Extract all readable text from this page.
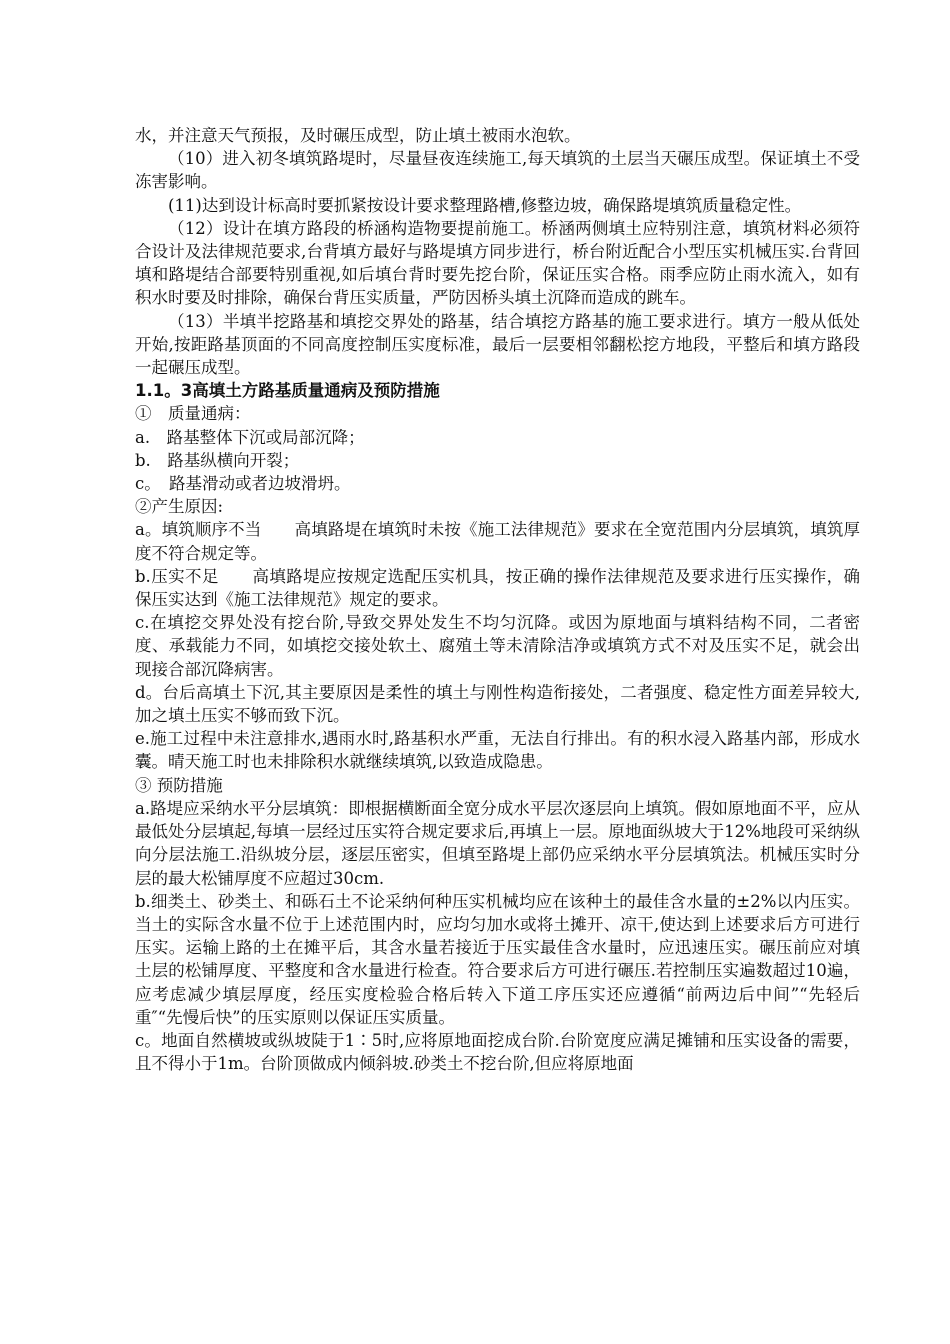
水，并注意天气预报，及时碾压成型，防止填土被雨水泡软。

（10）进入初冬填筑路堤时，尽量昼夜连续施工,每天填筑的土层当天碾压成型。保证填土不受冻害影响。

(11)达到设计标高时要抓紧按设计要求整理路槽,修整边坡，确保路堤填筑质量稳定性。

（12）设计在填方路段的桥涵构造物要提前施工。桥涵两侧填土应特别注意，填筑材料必须符合设计及法律规范要求,台背填方最好与路堤填方同步进行，桥台附近配合小型压实机械压实.台背回填和路堤结合部要特别重视,如后填台背时要先挖台阶，保证压实合格。雨季应防止雨水流入，如有积水时要及时排除，确保台背压实质量，严防因桥头填土沉降而造成的跳车。

（13）半填半挖路基和填挖交界处的路基，结合填挖方路基的施工要求进行。填方一般从低处开始,按距路基顶面的不同高度控制压实度标准，最后一层要相邻翻松挖方地段，平整后和填方路段一起碾压成型。

1.1。3高填土方路基质量通病及预防措施

①　质量通病：

a.　路基整体下沉或局部沉降；

b.　路基纵横向开裂；

c。　路基滑动或者边坡滑坍。

②产生原因:

a。填筑顺序不当　　高填路堤在填筑时未按《施工法律规范》要求在全宽范围内分层填筑，填筑厚度不符合规定等。

b.压实不足　　高填路堤应按规定选配压实机具，按正确的操作法律规范及要求进行压实操作，确保压实达到《施工法律规范》规定的要求。

c.在填挖交界处没有挖台阶,导致交界处发生不均匀沉降。或因为原地面与填料结构不同，二者密度、承载能力不同，如填挖交接处软土、腐殖土等未清除洁净或填筑方式不对及压实不足，就会出现接合部沉降病害。

d。台后高填土下沉,其主要原因是柔性的填土与刚性构造衔接处，二者强度、稳定性方面差异较大,加之填土压实不够而致下沉。

e.施工过程中未注意排水,遇雨水时,路基积水严重，无法自行排出。有的积水浸入路基内部，形成水囊。晴天施工时也未排除积水就继续填筑,以致造成隐患。

③ 预防措施

a.路堤应采纳水平分层填筑：即根据横断面全宽分成水平层次逐层向上填筑。假如原地面不平，应从最低处分层填起,每填一层经过压实符合规定要求后,再填上一层。原地面纵坡大于12%地段可采纳纵向分层法施工.沿纵坡分层，逐层压密实，但填至路堤上部仍应采纳水平分层填筑法。机械压实时分层的最大松铺厚度不应超过30cm.

b.细类土、砂类土、和砾石土不论采纳何种压实机械均应在该种土的最佳含水量的±2%以内压实。当土的实际含水量不位于上述范围内时，应均匀加水或将土摊开、凉干,使达到上述要求后方可进行压实。运输上路的土在摊平后，其含水量若接近于压实最佳含水量时，应迅速压实。碾压前应对填土层的松铺厚度、平整度和含水量进行检查。符合要求后方可进行碾压.若控制压实遍数超过10遍，应考虑减少填层厚度，经压实度检验合格后转入下道工序压实还应遵循“前两边后中间”“先轻后重″“先慢后快”的压实原则以保证压实质量。

c。地面自然横坡或纵坡陡于1∶5时,应将原地面挖成台阶.台阶宽度应满足摊铺和压实设备的需要，且不得小于1m。台阶顶做成内倾斜坡.砂类土不挖台阶,但应将原地面
